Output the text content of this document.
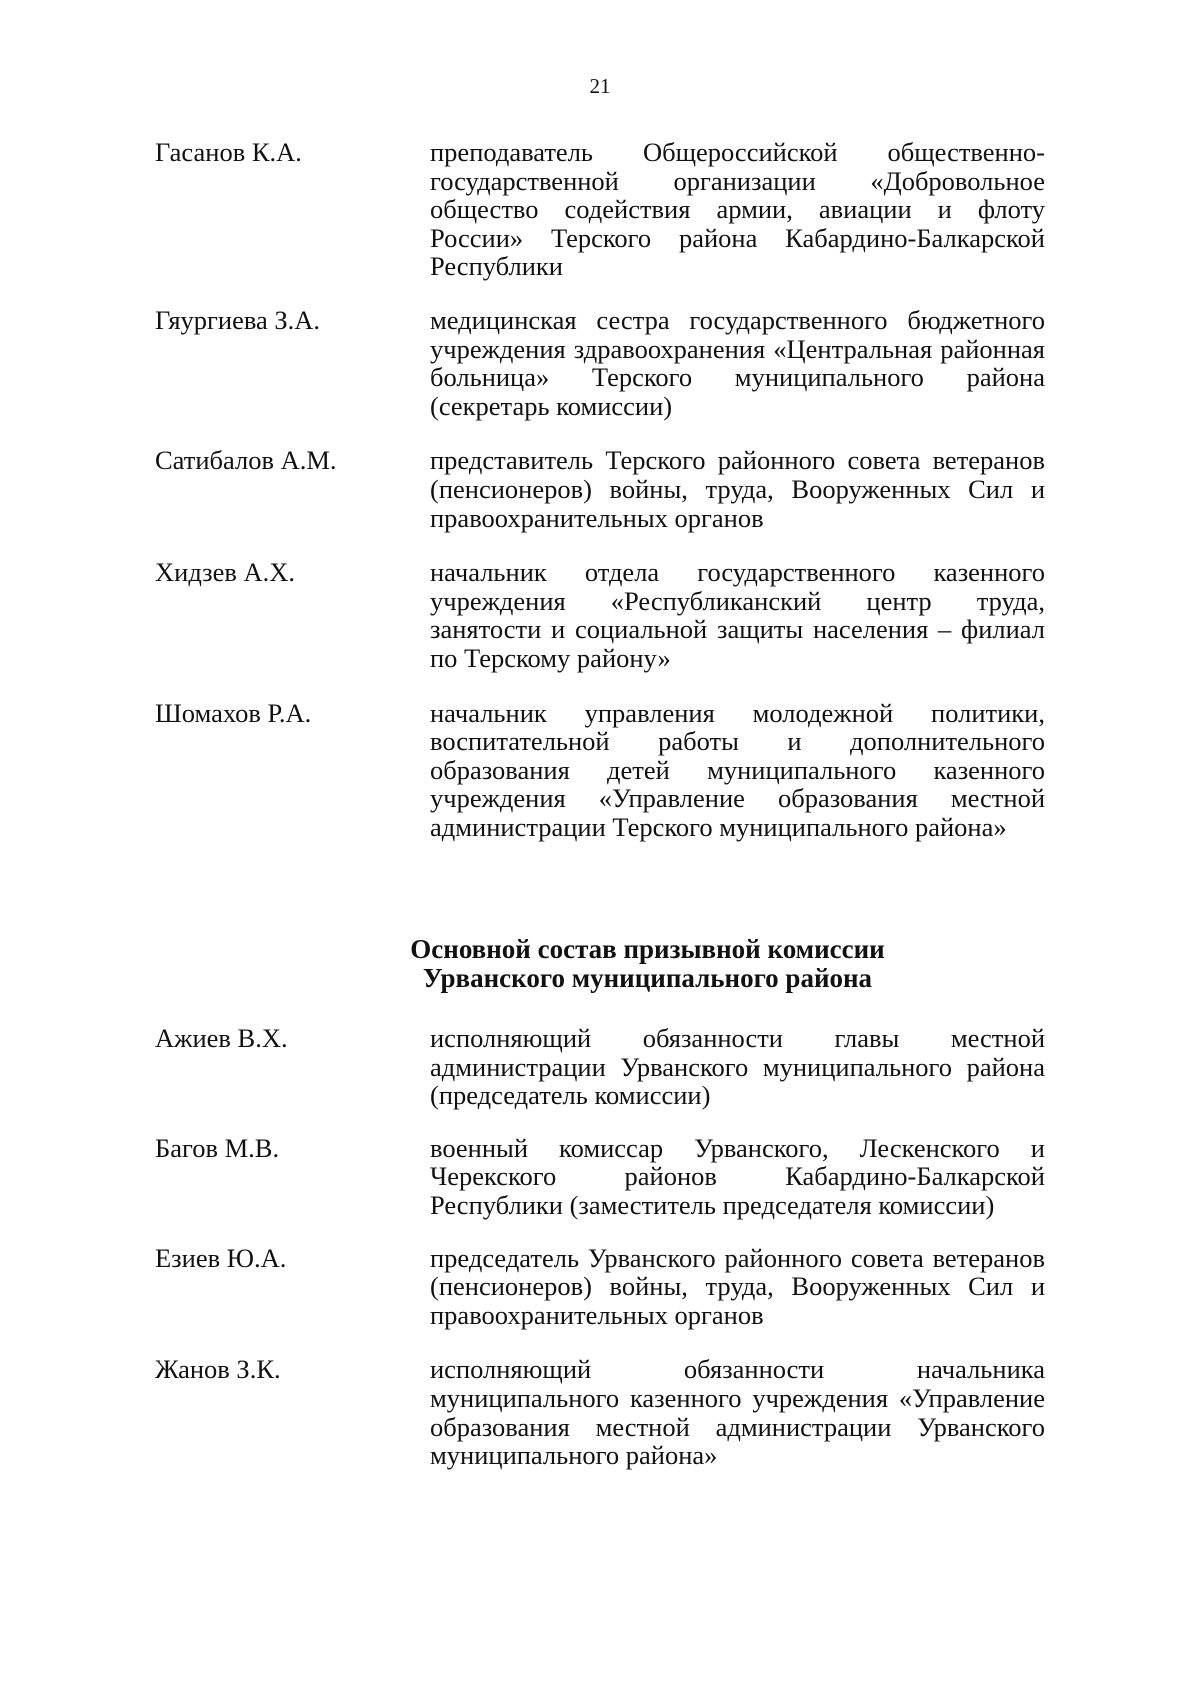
21
Гасанов К.А.	преподаватель Общероссийской общественно-государственной организации «Добровольное общество содействия армии, авиации и флоту России» Терского района Кабардино-Балкарской Республики
Гяургиева З.А.	медицинская сестра государственного бюджетного учреждения здравоохранения «Центральная районная больница» Терского муниципального района (секретарь комиссии)
Сатибалов А.М.	представитель Терского районного совета ветеранов (пенсионеров) войны, труда, Вооруженных Сил и правоохранительных органов
Хидзев А.Х.	начальник отдела государственного казенного учреждения «Республиканский центр труда, занятости и социальной защиты населения – филиал по Терскому району»
Шомахов Р.А.	начальник управления молодежной политики, воспитательной работы и дополнительного образования детей муниципального казенного учреждения «Управление образования местной администрации Терского муниципального района»
Основной состав призывной комиссии
Урванского муниципального района
Ажиев В.Х.	исполняющий обязанности главы местной администрации Урванского муниципального района (председатель комиссии)
Багов М.В.	военный комиссар Урванского, Лескенского и Черекского районов Кабардино-Балкарской Республики (заместитель председателя комиссии)
Езиев Ю.А.	председатель Урванского районного совета ветеранов (пенсионеров) войны, труда, Вооруженных Сил и правоохранительных органов
Жанов З.К.	исполняющий обязанности начальника муниципального казенного учреждения «Управление образования местной администрации Урванского муниципального района»
